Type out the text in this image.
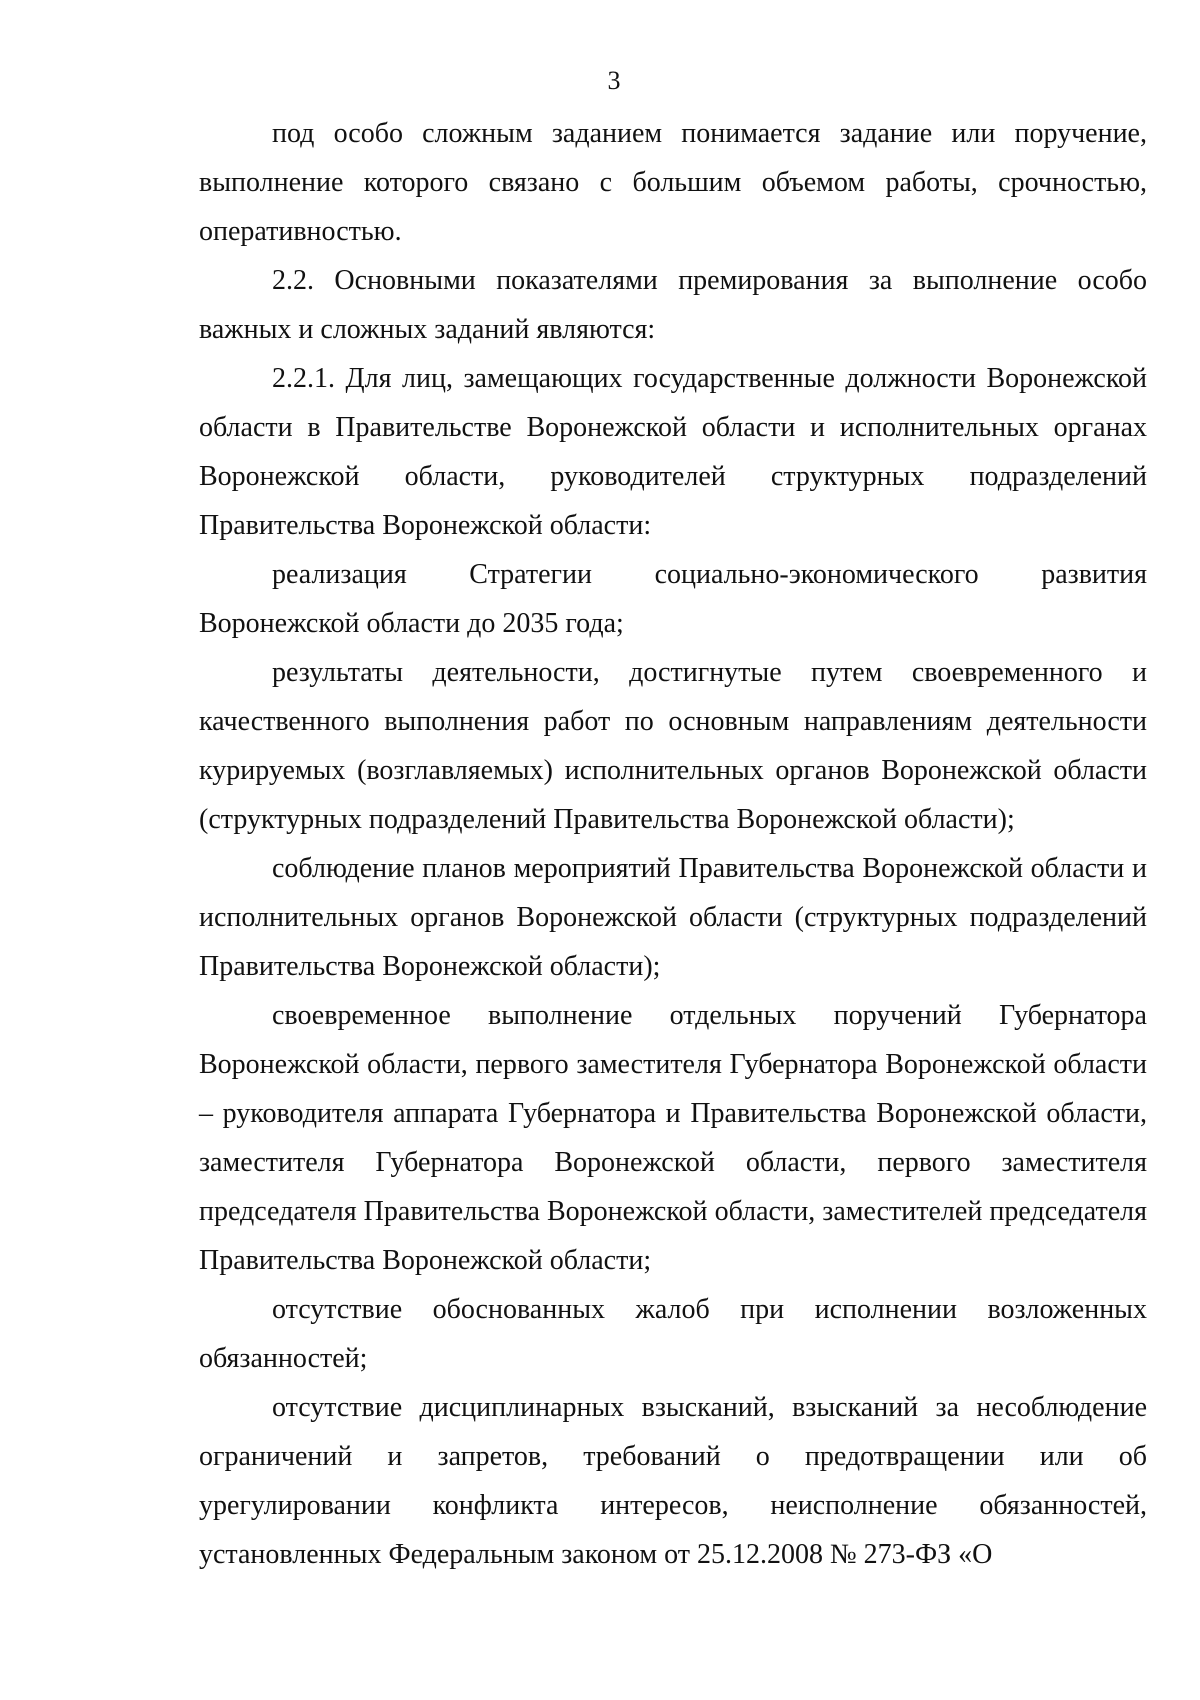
3

под особо сложным заданием понимается задание или поручение, выполнение которого связано с большим объемом работы, срочностью, оперативностью.

2.2. Основными показателями премирования за выполнение особо важных и сложных заданий являются:

2.2.1. Для лиц, замещающих государственные должности Воронежской области в Правительстве Воронежской области и исполнительных органах Воронежской области, руководителей структурных подразделений Правительства Воронежской области:

реализация Стратегии социально-экономического развития Воронежской области до 2035 года;

результаты деятельности, достигнутые путем своевременного и качественного выполнения работ по основным направлениям деятельности курируемых (возглавляемых) исполнительных органов Воронежской области (структурных подразделений Правительства Воронежской области);

соблюдение планов мероприятий Правительства Воронежской области и исполнительных органов Воронежской области (структурных подразделений Правительства Воронежской области);

своевременное выполнение отдельных поручений Губернатора Воронежской области, первого заместителя Губернатора Воронежской области – руководителя аппарата Губернатора и Правительства Воронежской области, заместителя Губернатора Воронежской области, первого заместителя председателя Правительства Воронежской области, заместителей председателя Правительства Воронежской области;

отсутствие обоснованных жалоб при исполнении возложенных обязанностей;

отсутствие дисциплинарных взысканий, взысканий за несоблюдение ограничений и запретов, требований о предотвращении или об урегулировании конфликта интересов, неисполнение обязанностей, установленных Федеральным законом от 25.12.2008 № 273-ФЗ «О
